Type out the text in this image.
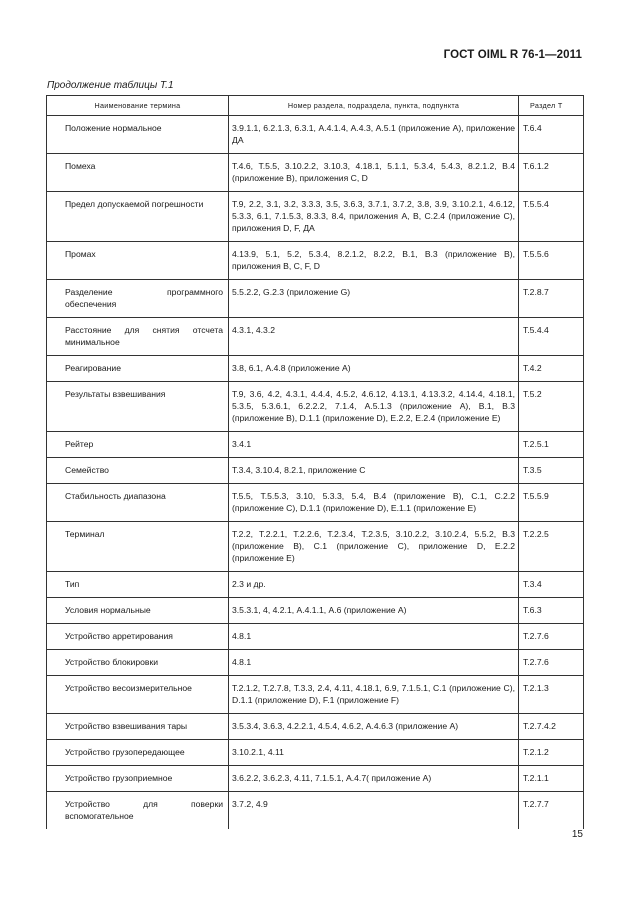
ГОСТ OIML R 76-1—2011
Продолжение таблицы Т.1
Наименование термина	Номер раздела, подраздела, пункта, подпункта	Раздел Т
Положение нормальное	3.9.1.1, 6.2.1.3, 6.3.1, А.4.1.4, А.4.3, А.5.1 (приложение А), приложение ДА	Т.6.4
Помеха	Т.4.6, Т.5.5, 3.10.2.2, 3.10.3, 4.18.1, 5.1.1, 5.3.4, 5.4.3, 8.2.1.2, В.4 (приложение В), приложения С, D	Т.6.1.2
Предел допускаемой погрешности	Т.9, 2.2, 3.1, 3.2, 3.3.3, 3.5, 3.6.3, 3.7.1, 3.7.2, 3.8, 3.9, 3.10.2.1, 4.6.12, 5.3.3, 6.1, 7.1.5.3, 8.3.3, 8.4, приложения А, В, С.2.4 (приложение С), приложения D, F, ДА	Т.5.5.4
Промах	4.13.9, 5.1, 5.2, 5.3.4, 8.2.1.2, 8.2.2, В.1, В.3 (приложение В), приложения В, С, F, D	Т.5.5.6
Разделение программного обеспечения	5.5.2.2, G.2.3 (приложение G)	Т.2.8.7
Расстояние для снятия отсчета минимальное	4.3.1, 4.3.2	Т.5.4.4
Реагирование	3.8, 6.1, А.4.8 (приложение А)	Т.4.2
Результаты взвешивания	Т.9, 3.6, 4.2, 4.3.1, 4.4.4, 4.5.2, 4.6.12, 4.13.1, 4.13.3.2, 4.14.4, 4.18.1, 5.3.5, 5.3.6.1, 6.2.2.2, 7.1.4, А.5.1.3 (приложение А), В.1, В.3 (приложение В), D.1.1 (приложение D), Е.2.2, Е.2.4 (приложение Е)	Т.5.2
Рейтер	3.4.1	Т.2.5.1
Семейство	Т.3.4, 3.10.4, 8.2.1, приложение С	Т.3.5
Стабильность диапазона	Т.5.5, Т.5.5.3, 3.10, 5.3.3, 5.4, В.4 (приложение В), С.1, С.2.2 (приложение С), D.1.1 (приложение D), Е.1.1 (приложение Е)	Т.5.5.9
Терминал	Т.2.2, Т.2.2.1, Т.2.2.6, Т.2.3.4, Т.2.3.5, 3.10.2.2, 3.10.2.4, 5.5.2, В.3 (приложение В), С.1 (приложение С), приложение D, Е.2.2 (приложение Е)	Т.2.2.5
Тип	2.3 и др.	Т.3.4
Условия нормальные	3.5.3.1, 4, 4.2.1, А.4.1.1, А.6 (приложение А)	Т.6.3
Устройство арретирования	4.8.1	Т.2.7.6
Устройство блокировки	4.8.1	Т.2.7.6
Устройство весоизмерительное	Т.2.1.2, Т.2.7.8, Т.3.3, 2.4, 4.11, 4.18.1, 6.9, 7.1.5.1, С.1 (приложение С), D.1.1 (приложение D), F.1 (приложение F)	Т.2.1.3
Устройство взвешивания тары	3.5.3.4, 3.6.3, 4.2.2.1, 4.5.4, 4.6.2, А.4.6.3 (приложение А)	Т.2.7.4.2
Устройство грузопередающее	3.10.2.1, 4.11	Т.2.1.2
Устройство грузоприемное	3.6.2.2, 3.6.2.3, 4.11, 7.1.5.1, А.4.7( приложение А)	Т.2.1.1
Устройство для поверки вспомогательное	3.7.2, 4.9	Т.2.7.7
15
